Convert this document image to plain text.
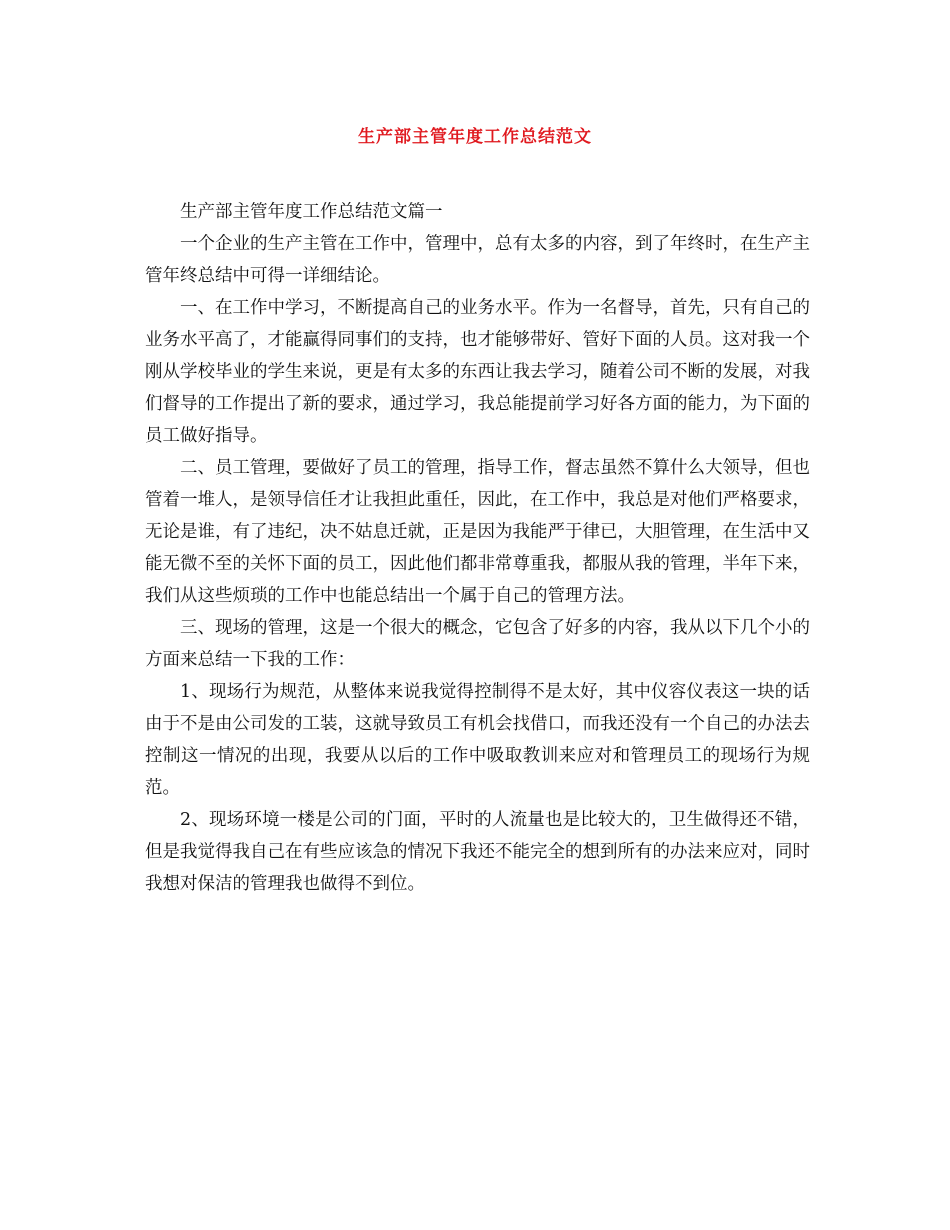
生产部主管年度工作总结范文

生产部主管年度工作总结范文篇一

一个企业的生产主管在工作中，管理中，总有太多的内容，到了年终时，在生产主管年终总结中可得一详细结论。

一、在工作中学习，不断提高自己的业务水平。作为一名督导，首先，只有自己的业务水平高了，才能赢得同事们的支持，也才能够带好、管好下面的人员。这对我一个刚从学校毕业的学生来说，更是有太多的东西让我去学习，随着公司不断的发展，对我们督导的工作提出了新的要求，通过学习，我总能提前学习好各方面的能力，为下面的员工做好指导。

二、员工管理，要做好了员工的管理，指导工作，督志虽然不算什么大领导，但也管着一堆人，是领导信任才让我担此重任，因此，在工作中，我总是对他们严格要求，无论是谁，有了违纪，决不姑息迁就，正是因为我能严于律已，大胆管理，在生活中又能无微不至的关怀下面的员工，因此他们都非常尊重我，都服从我的管理，半年下来，我们从这些烦琐的工作中也能总结出一个属于自己的管理方法。

三、现场的管理，这是一个很大的概念，它包含了好多的内容，我从以下几个小的方面来总结一下我的工作：

1、现场行为规范，从整体来说我觉得控制得不是太好，其中仪容仪表这一块的话由于不是由公司发的工装，这就导致员工有机会找借口，而我还没有一个自己的办法去控制这一情况的出现，我要从以后的工作中吸取教训来应对和管理员工的现场行为规范。

2、现场环境一楼是公司的门面，平时的人流量也是比较大的，卫生做得还不错，但是我觉得我自己在有些应该急的情况下我还不能完全的想到所有的办法来应对，同时我想对保洁的管理我也做得不到位。
